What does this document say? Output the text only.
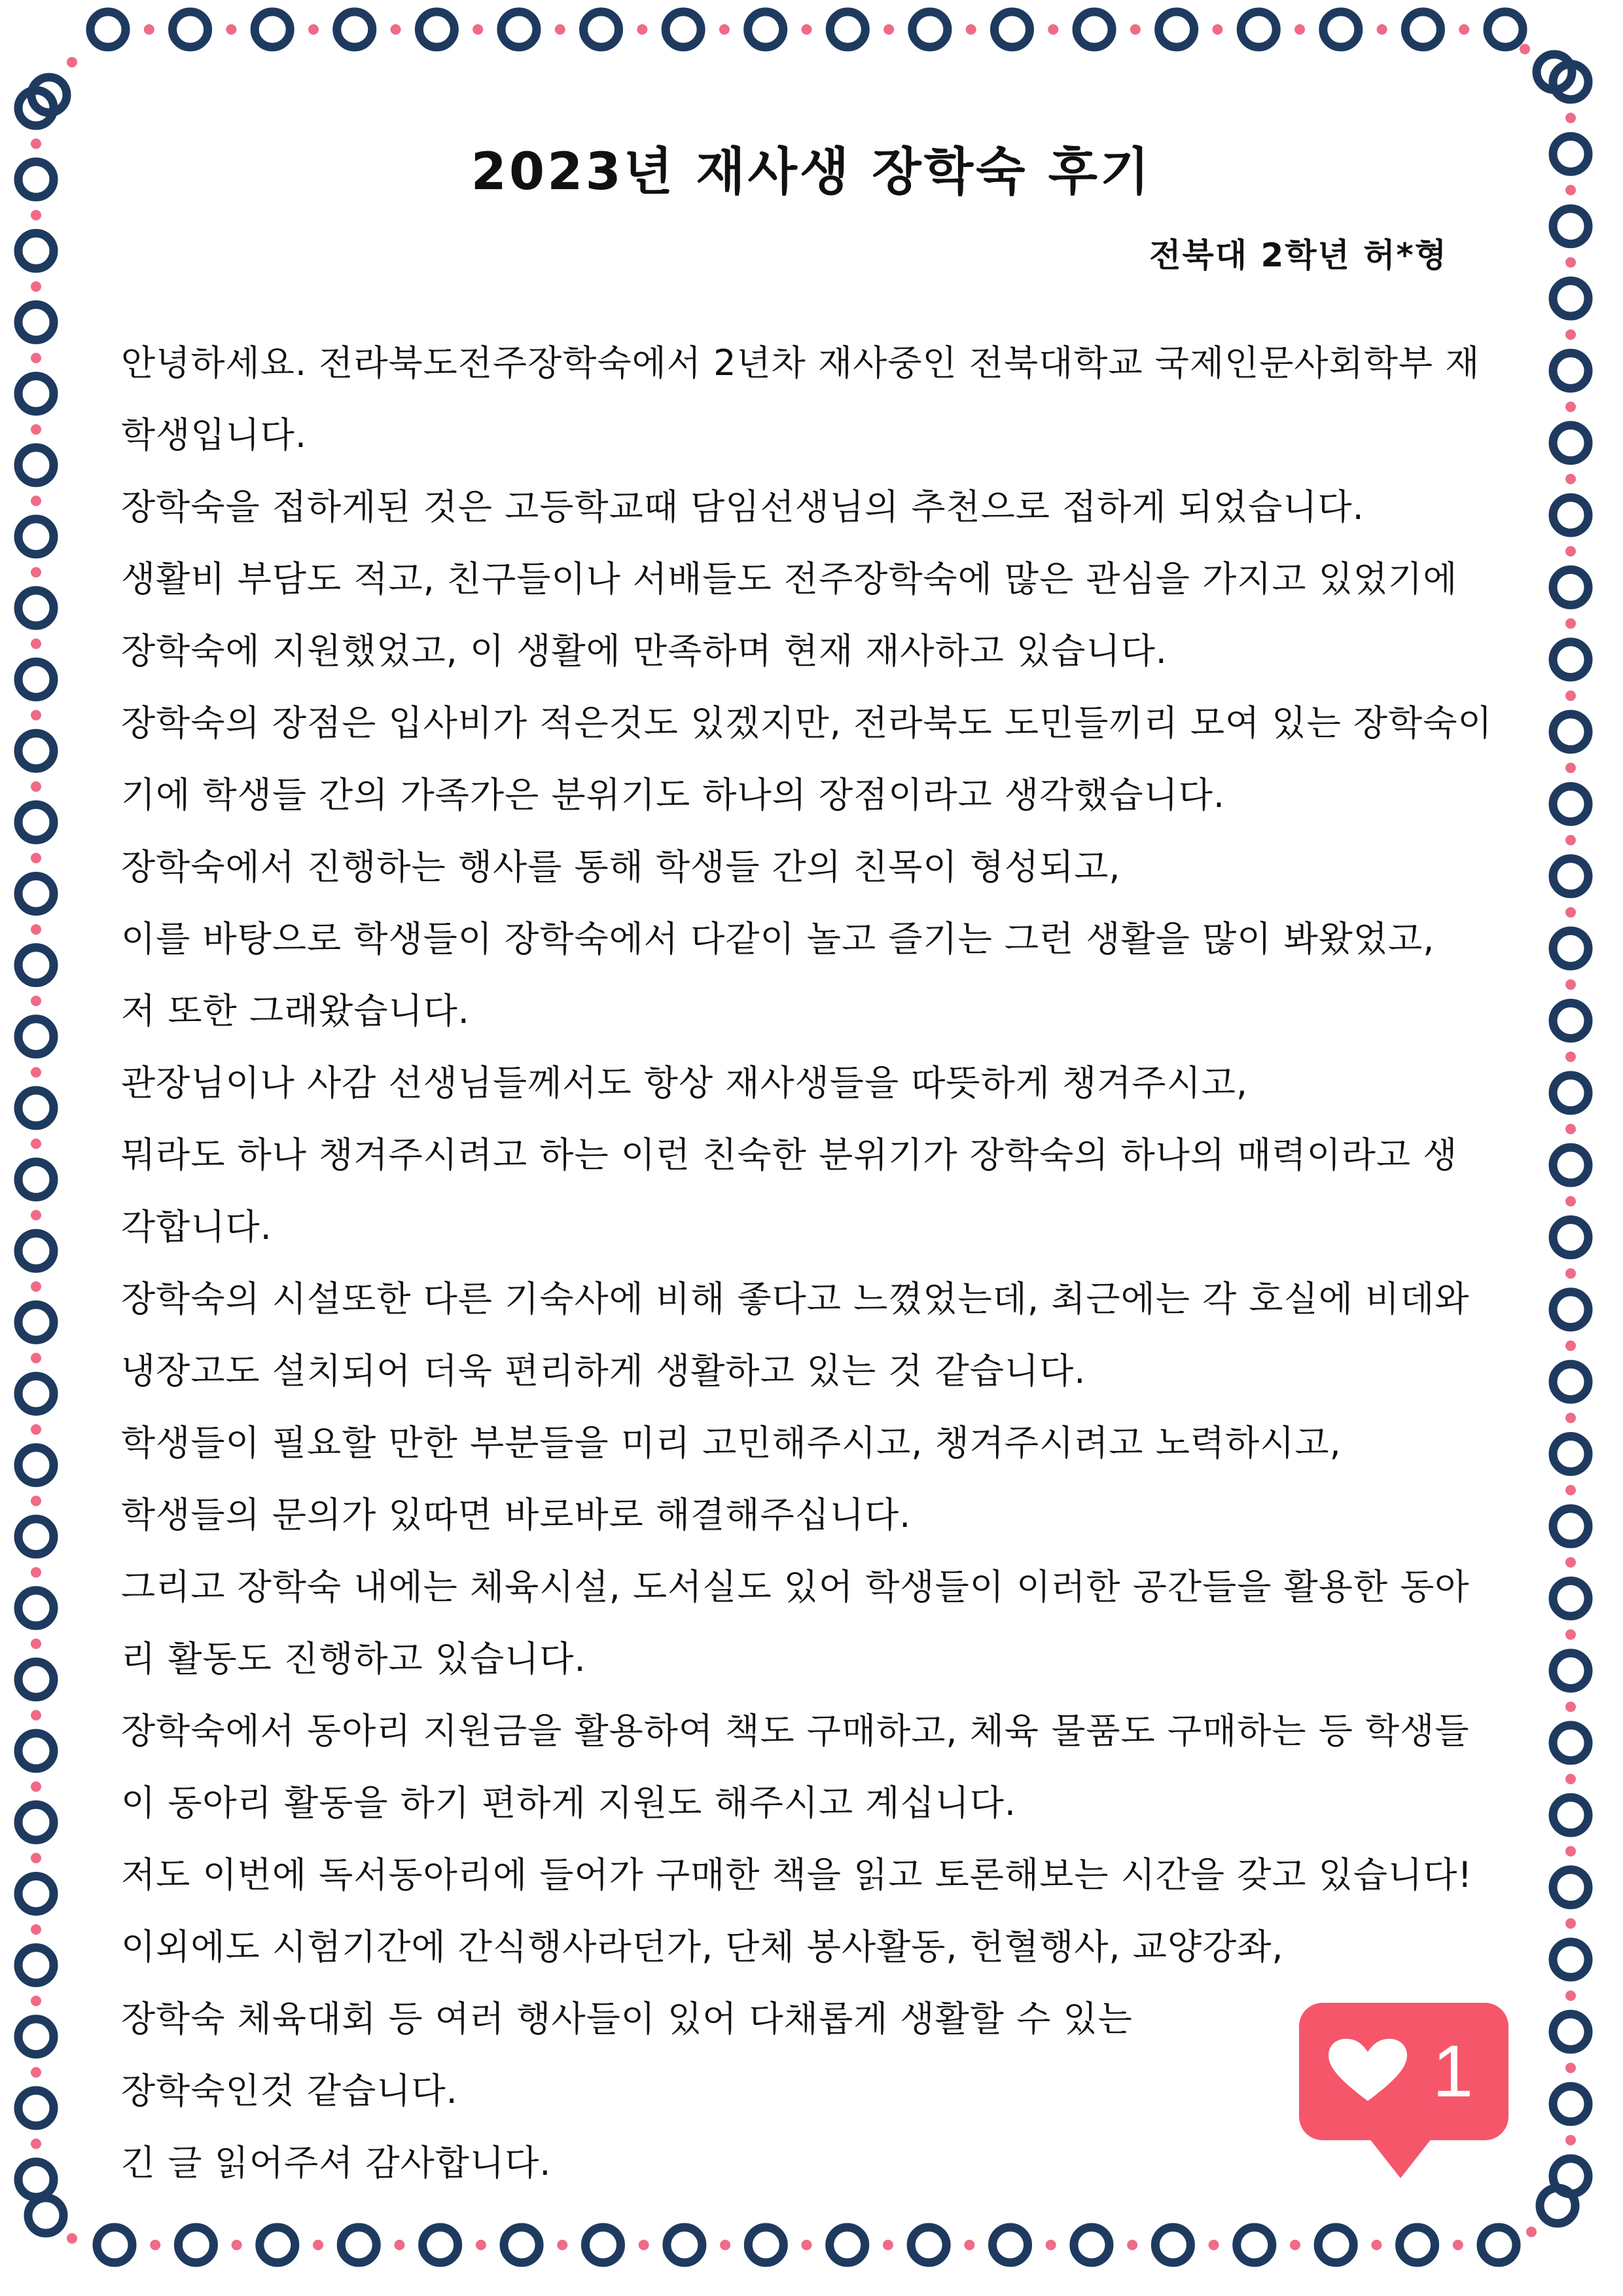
2023년 재사생 장학숙 후기
전북대 2학년 허*형
안녕하세요. 전라북도전주장학숙에서 2년차 재사중인 전북대학교 국제인문사회학부 재
학생입니다.
장학숙을 접하게된 것은 고등학교때 담임선생님의 추천으로 접하게 되었습니다.
생활비 부담도 적고, 친구들이나 서배들도 전주장학숙에 많은 관심을 가지고 있었기에
장학숙에 지원했었고, 이 생활에 만족하며 현재 재사하고 있습니다.
장학숙의 장점은 입사비가 적은것도 있겠지만, 전라북도 도민들끼리 모여 있는 장학숙이
기에 학생들 간의 가족가은 분위기도 하나의 장점이라고 생각했습니다.
장학숙에서 진행하는 행사를 통해 학생들 간의 친목이 형성되고,
이를 바탕으로 학생들이 장학숙에서 다같이 놀고 즐기는 그런 생활을 많이 봐왔었고,
저 또한 그래왔습니다.
관장님이나 사감 선생님들께서도 항상 재사생들을 따뜻하게 챙겨주시고,
뭐라도 하나 챙겨주시려고 하는 이런 친숙한 분위기가 장학숙의 하나의 매력이라고 생
각합니다.
장학숙의 시설또한 다른 기숙사에 비해 좋다고 느꼈었는데, 최근에는 각 호실에 비데와
냉장고도 설치되어 더욱 편리하게 생활하고 있는 것 같습니다.
학생들이 필요할 만한 부분들을 미리 고민해주시고, 챙겨주시려고 노력하시고,
학생들의 문의가 있따면 바로바로 해결해주십니다.
그리고 장학숙 내에는 체육시설, 도서실도 있어 학생들이 이러한 공간들을 활용한 동아
리 활동도 진행하고 있습니다.
장학숙에서 동아리 지원금을 활용하여 책도 구매하고, 체육 물품도 구매하는 등 학생들
이 동아리 활동을 하기 편하게 지원도 해주시고 계십니다.
저도 이번에 독서동아리에 들어가 구매한 책을 읽고 토론해보는 시간을 갖고 있습니다!
이외에도 시험기간에 간식행사라던가, 단체 봉사활동, 헌혈행사, 교양강좌,
장학숙 체육대회 등 여러 행사들이 있어 다채롭게 생활할 수 있는
장학숙인것 같습니다.
긴 글 읽어주셔 감사합니다.
1
